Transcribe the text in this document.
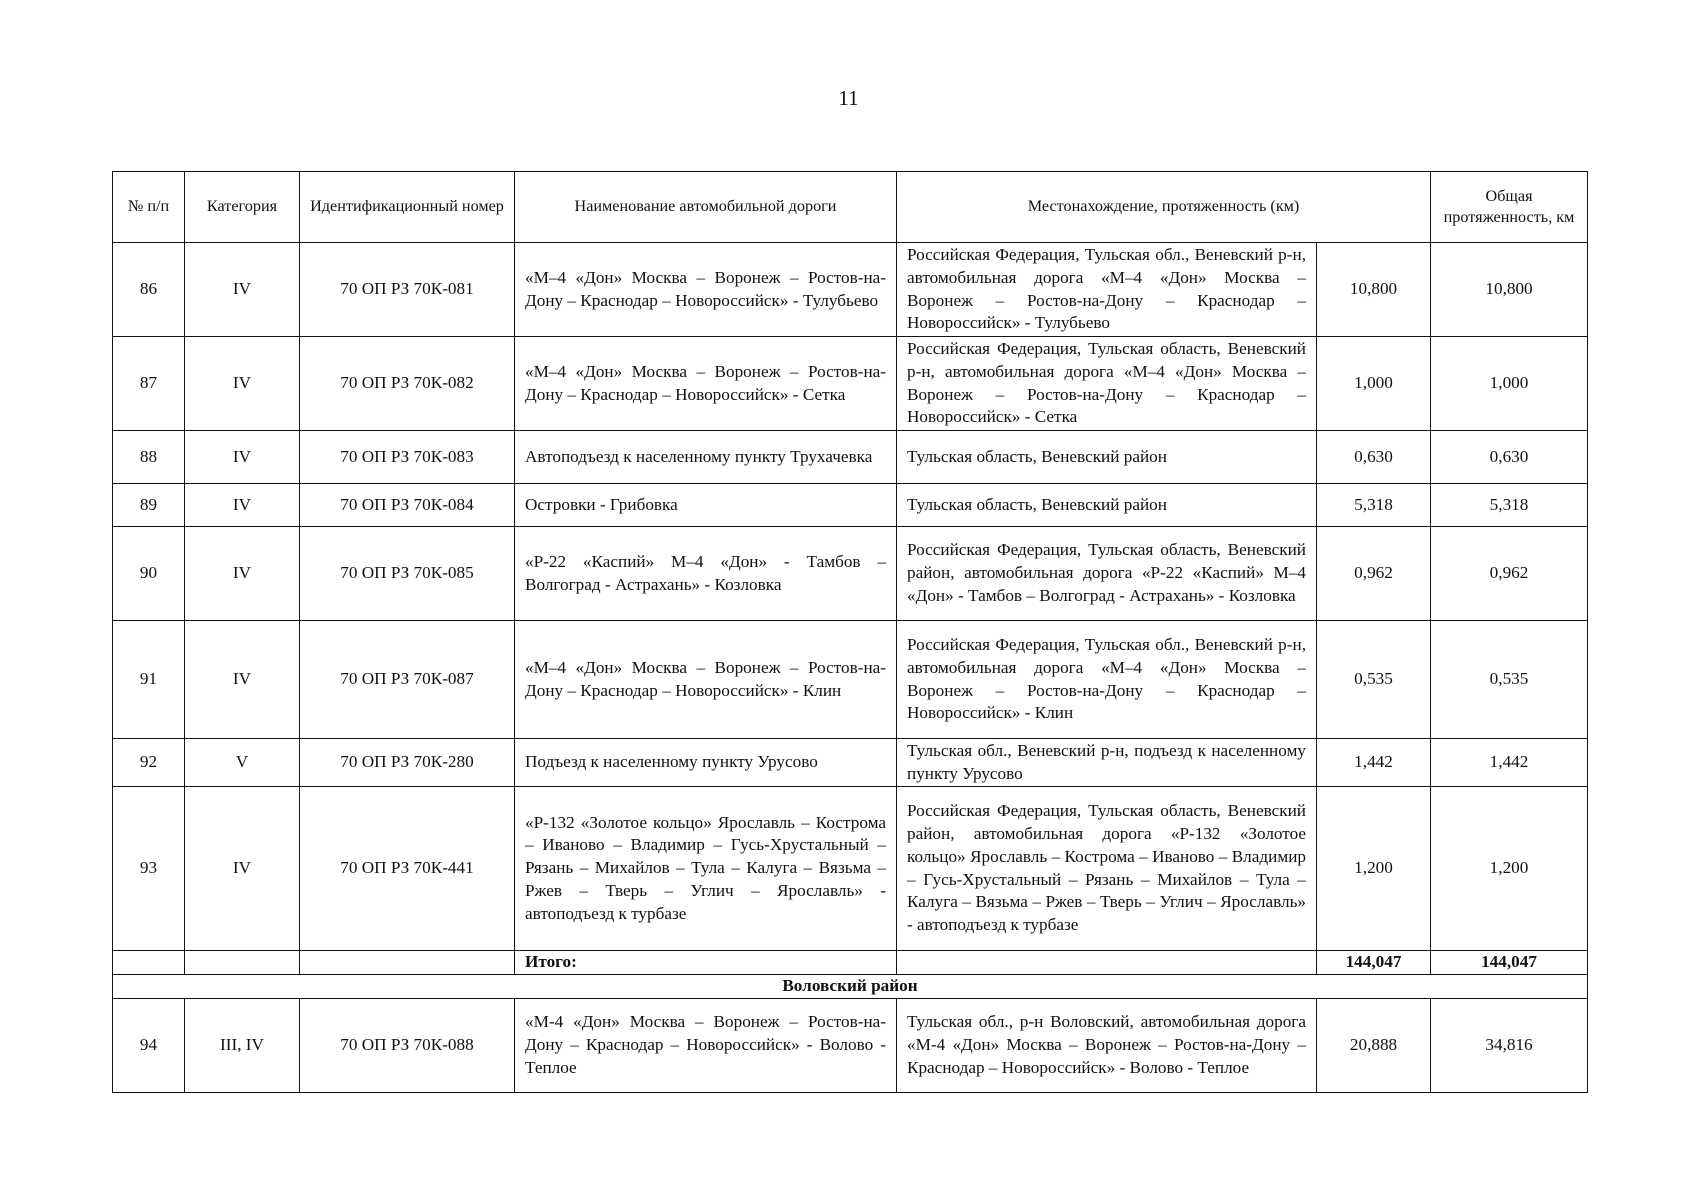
11
№ п/п	Категория	Идентификационный номер	Наименование автомобильной дороги	Местонахождение, протяженность (км)		Общая протяженность, км
86	IV	70 ОП РЗ 70К-081	«М–4 «Дон» Москва – Воронеж – Ростов-на-Дону – Краснодар – Новороссийск» - Тулубьево	Российская Федерация, Тульская обл., Веневский р-н, автомобильная дорога «М–4 «Дон» Москва – Воронеж – Ростов-на-Дону – Краснодар – Новороссийск» - Тулубьево	10,800	10,800
87	IV	70 ОП РЗ 70К-082	«М–4 «Дон» Москва – Воронеж – Ростов-на-Дону – Краснодар – Новороссийск» - Сетка	Российская Федерация, Тульская область, Веневский р-н, автомобильная дорога «М–4 «Дон» Москва – Воронеж – Ростов-на-Дону – Краснодар – Новороссийск» - Сетка	1,000	1,000
88	IV	70 ОП РЗ 70К-083	Автоподъезд к населенному пункту Трухачевка	Тульская область, Веневский район	0,630	0,630
89	IV	70 ОП РЗ 70К-084	Островки - Грибовка	Тульская область, Веневский район	5,318	5,318
90	IV	70 ОП РЗ 70К-085	«Р-22 «Каспий» М–4 «Дон» - Тамбов – Волгоград - Астрахань» - Козловка	Российская Федерация, Тульская область, Веневский район, автомобильная дорога «Р-22 «Каспий» М–4 «Дон» - Тамбов – Волгоград - Астрахань» - Козловка	0,962	0,962
91	IV	70 ОП РЗ 70К-087	«М–4 «Дон» Москва – Воронеж – Ростов-на-Дону – Краснодар – Новороссийск» - Клин	Российская Федерация, Тульская обл., Веневский р-н, автомобильная дорога «М–4 «Дон» Москва – Воронеж – Ростов-на-Дону – Краснодар – Новороссийск» - Клин	0,535	0,535
92	V	70 ОП РЗ 70К-280	Подъезд к населенному пункту Урусово	Тульская обл., Веневский р-н, подъезд к населенному пункту Урусово	1,442	1,442
93	IV	70 ОП РЗ 70К-441	«Р-132 «Золотое кольцо» Ярославль – Кострома – Иваново – Владимир – Гусь-Хрустальный – Рязань – Михайлов – Тула – Калуга – Вязьма – Ржев – Тверь – Углич – Ярославль» - автоподъезд к турбазе	Российская Федерация, Тульская область, Веневский район, автомобильная дорога «Р-132 «Золотое кольцо» Ярославль – Кострома – Иваново – Владимир – Гусь-Хрустальный – Рязань – Михайлов – Тула – Калуга – Вязьма – Ржев – Тверь – Углич – Ярославль» - автоподъезд к турбазе	1,200	1,200
			Итого:		144,047	144,047
Воловский район						
94	III, IV	70 ОП РЗ 70К-088	«М-4 «Дон» Москва – Воронеж – Ростов-на-Дону – Краснодар – Новороссийск» - Волово - Теплое	Тульская обл., р-н Воловский, автомобильная дорога «М-4 «Дон» Москва – Воронеж – Ростов-на-Дону – Краснодар – Новороссийск» - Волово - Теплое	20,888	34,816
